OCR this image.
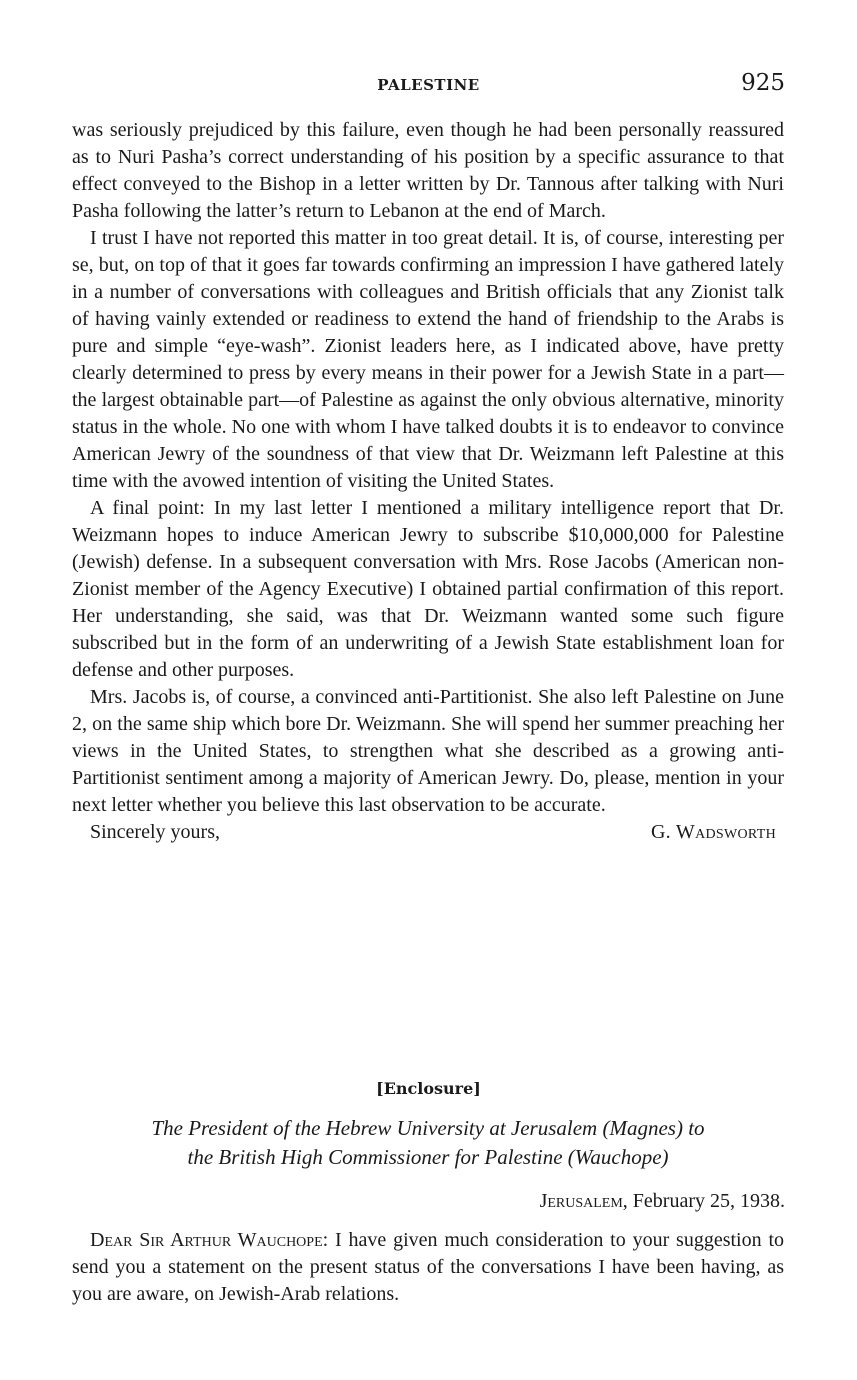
PALESTINE	925

was seriously prejudiced by this failure, even though he had been personally reassured as to Nuri Pasha’s correct understanding of his position by a specific assurance to that effect conveyed to the Bishop in a letter written by Dr. Tannous after talking with Nuri Pasha following the latter’s return to Lebanon at the end of March.

I trust I have not reported this matter in too great detail. It is, of course, interesting per se, but, on top of that it goes far towards confirming an impression I have gathered lately in a number of conversations with colleagues and British officials that any Zionist talk of having vainly extended or readiness to extend the hand of friendship to the Arabs is pure and simple “eye-wash”. Zionist leaders here, as I indicated above, have pretty clearly determined to press by every means in their power for a Jewish State in a part—the largest obtainable part—of Palestine as against the only obvious alternative, minority status in the whole. No one with whom I have talked doubts it is to endeavor to convince American Jewry of the soundness of that view that Dr. Weizmann left Palestine at this time with the avowed intention of visiting the United States.

A final point: In my last letter I mentioned a military intelligence report that Dr. Weizmann hopes to induce American Jewry to subscribe $10,000,000 for Palestine (Jewish) defense. In a subsequent conversation with Mrs. Rose Jacobs (American non-Zionist member of the Agency Executive) I obtained partial confirmation of this report. Her understanding, she said, was that Dr. Weizmann wanted some such figure subscribed but in the form of an underwriting of a Jewish State establishment loan for defense and other purposes.

Mrs. Jacobs is, of course, a convinced anti-Partitionist. She also left Palestine on June 2, on the same ship which bore Dr. Weizmann. She will spend her summer preaching her views in the United States, to strengthen what she described as a growing anti-Partitionist sentiment among a majority of American Jewry. Do, please, mention in your next letter whether you believe this last observation to be accurate.

Sincerely yours,	G. Wadsworth
[Enclosure]
The President of the Hebrew University at Jerusalem (Magnes) to
the British High Commissioner for Palestine (Wauchope)
Jerusalem, February 25, 1938.

Dear Sir Arthur Wauchope: I have given much consideration to your suggestion to send you a statement on the present status of the conversations I have been having, as you are aware, on Jewish-Arab relations.
